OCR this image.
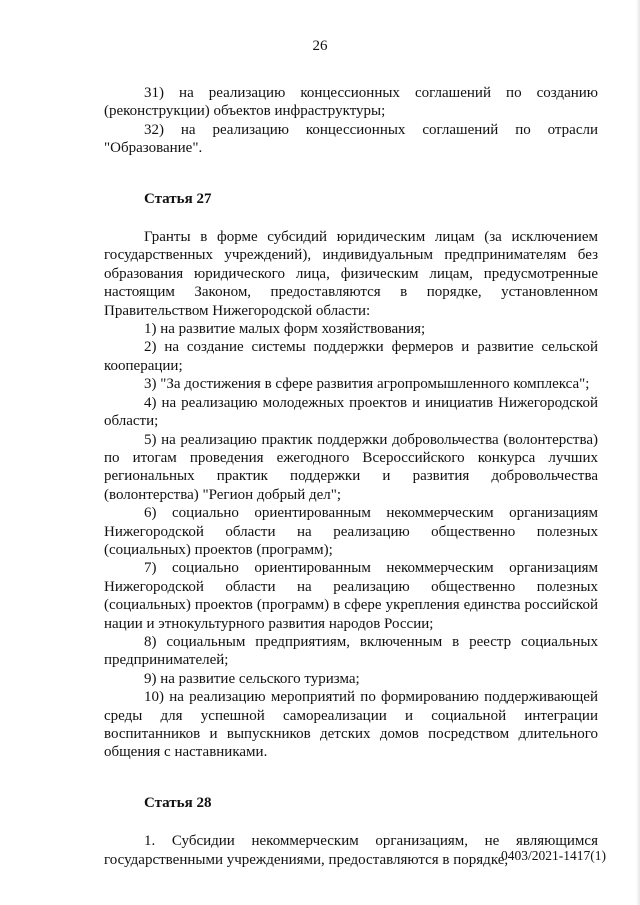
26

31) на реализацию концессионных соглашений по созданию (реконструкции) объектов инфраструктуры;

32) на реализацию концессионных соглашений по отрасли "Образование".

Статья 27

Гранты в форме субсидий юридическим лицам (за исключением государственных учреждений), индивидуальным предпринимателям без образования юридического лица, физическим лицам, предусмотренные настоящим Законом, предоставляются в порядке, установленном Правительством Нижегородской области:

1) на развитие малых форм хозяйствования;

2) на создание системы поддержки фермеров и развитие сельской кооперации;

3) "За достижения в сфере развития агропромышленного комплекса";

4) на реализацию молодежных проектов и инициатив Нижегородской области;

5) на реализацию практик поддержки добровольчества (волонтерства) по итогам проведения ежегодного Всероссийского конкурса лучших региональных практик поддержки и развития добровольчества (волонтерства) "Регион добрый дел";

6) социально ориентированным некоммерческим организациям Нижегородской области на реализацию общественно полезных (социальных) проектов (программ);

7) социально ориентированным некоммерческим организациям Нижегородской области на реализацию общественно полезных (социальных) проектов (программ) в сфере укрепления единства российской нации и этнокультурного развития народов России;

8) социальным предприятиям, включенным в реестр социальных предпринимателей;

9) на развитие сельского туризма;

10) на реализацию мероприятий по формированию поддерживающей среды для успешной самореализации и социальной интеграции воспитанников и выпускников детских домов посредством длительного общения с наставниками.

Статья 28

1. Субсидии некоммерческим организациям, не являющимся государственными учреждениями, предоставляются в порядке,

0403/2021-1417(1)
